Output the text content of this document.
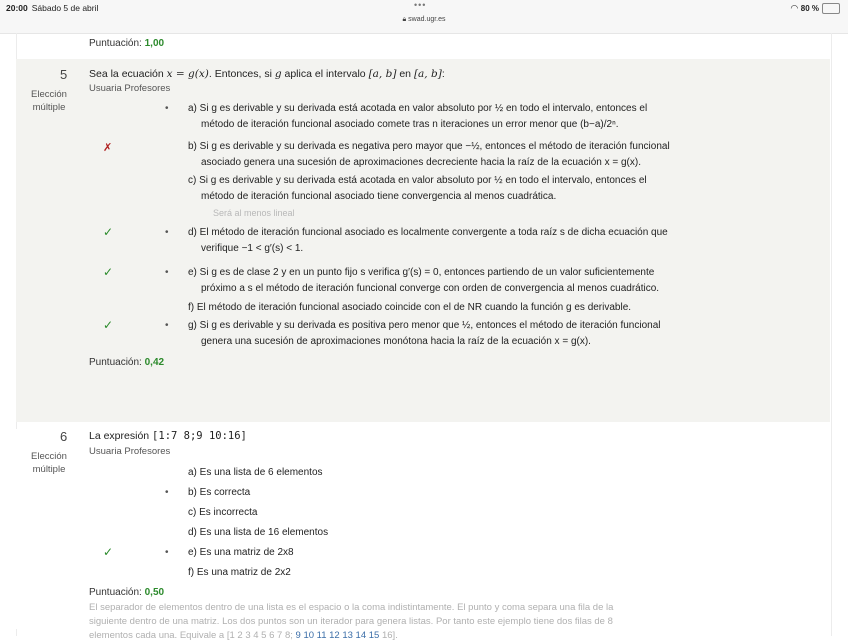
20:00 Sábado 5 de abril	•••
🔒︎ swad.ugr.es
◠ 80 %
Puntuación: 1,00
5
Elección múltiple
Sea la ecuación x = g(x). Entonces, si g aplica el intervalo [a, b] en [a, b]:
Usuaria Profesores
• a) Si g es derivable y su derivada está acotada en valor absoluto por ½ en todo el intervalo, entonces el
método de iteración funcional asociado comete tras n iteraciones un error menor que (b−a)/2ⁿ.
✗	b) Si g es derivable y su derivada es negativa pero mayor que −½, entonces el método de iteración funcional
asociado genera una sucesión de aproximaciones decreciente hacia la raíz de la ecuación x = g(x).
c) Si g es derivable y su derivada está acotada en valor absoluto por ½ en todo el intervalo, entonces el
método de iteración funcional asociado tiene convergencia al menos cuadrática.
Será al menos lineal
✓	• d) El método de iteración funcional asociado es localmente convergente a toda raíz s de dicha ecuación que
verifique −1 < g′(s) < 1.
✓	• e) Si g es de clase 2 y en un punto fijo s verifica g′(s) = 0, entonces partiendo de un valor suficientemente
próximo a s el método de iteración funcional converge con orden de convergencia al menos cuadrático.
f) El método de iteración funcional asociado coincide con el de NR cuando la función g es derivable.
✓	• g) Si g es derivable y su derivada es positiva pero menor que ½, entonces el método de iteración funcional
genera una sucesión de aproximaciones monótona hacia la raíz de la ecuación x = g(x).
Puntuación: 0,42
6
Elección múltiple
La expresión [1:7 8;9 10:16]
Usuaria Profesores
a) Es una lista de 6 elementos
• b) Es correcta
c) Es incorrecta
d) Es una lista de 16 elementos
✓	• e) Es una matriz de 2x8
f) Es una matriz de 2x2
Puntuación: 0,50
El separador de elementos dentro de una lista es el espacio o la coma indistintamente. El punto y coma separa una fila de la
siguiente dentro de una matriz. Los dos puntos son un iterador para genera listas. Por tanto este ejemplo tiene dos filas de 8
elementos cada una. Equivale a [1 2 3 4 5 6 7 8; 9 10 11 12 13 14 15 16].
